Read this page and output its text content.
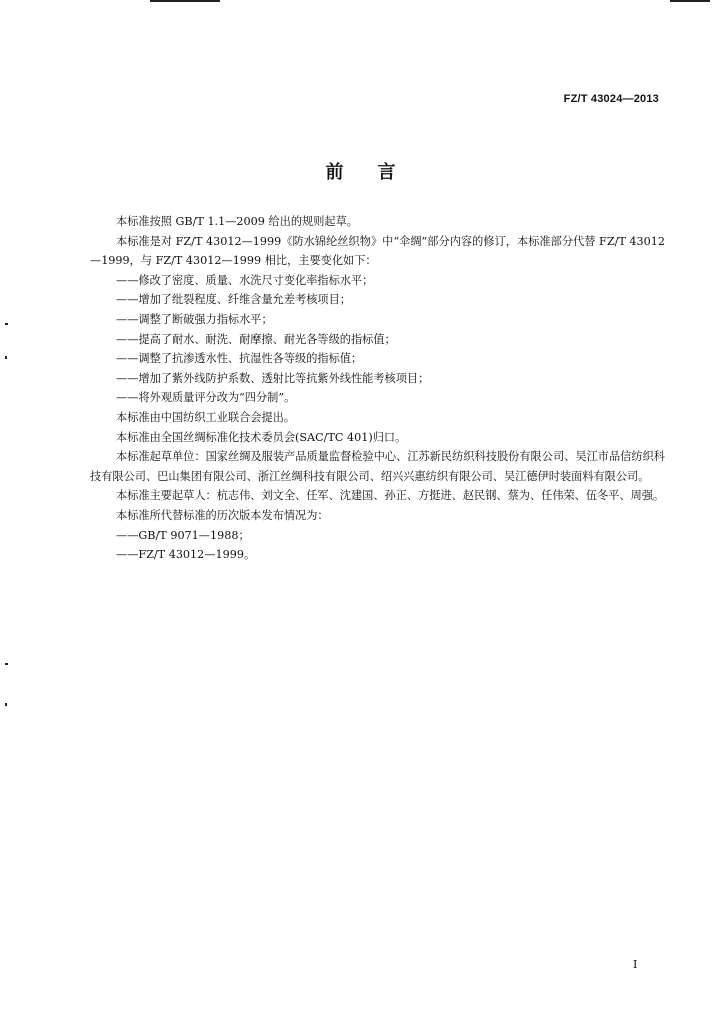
FZ/T 43024—2013
前言

本标准按照 GB/T 1.1—2009 给出的规则起草。

本标准是对 FZ/T 43012—1999《防水锦纶丝织物》中“伞绸”部分内容的修订，本标准部分代替 FZ/T 43012—1999，与 FZ/T 43012—1999 相比，主要变化如下：

——修改了密度、质量、水洗尺寸变化率指标水平；

——增加了纰裂程度、纤维含量允差考核项目；

——调整了断破强力指标水平；

——提高了耐水、耐洗、耐摩擦、耐光各等级的指标值；

——调整了抗渗透水性、抗湿性各等级的指标值；

——增加了紫外线防护系数、透射比等抗紫外线性能考核项目；

——将外观质量评分改为“四分制”。

本标准由中国纺织工业联合会提出。

本标准由全国丝绸标准化技术委员会(SAC/TC 401)归口。

本标准起草单位：国家丝绸及服装产品质量监督检验中心、江苏新民纺织科技股份有限公司、吴江市品信纺织科技有限公司、巴山集团有限公司、浙江丝绸科技有限公司、绍兴兴惠纺织有限公司、吴江德伊时装面料有限公司。

本标准主要起草人：杭志伟、刘文全、任军、沈建国、孙正、方挺进、赵民钢、蔡为、任伟荣、伍冬平、周强。

本标准所代替标准的历次版本发布情况为：

——GB/T 9071—1988；

——FZ/T 43012—1999。

I
